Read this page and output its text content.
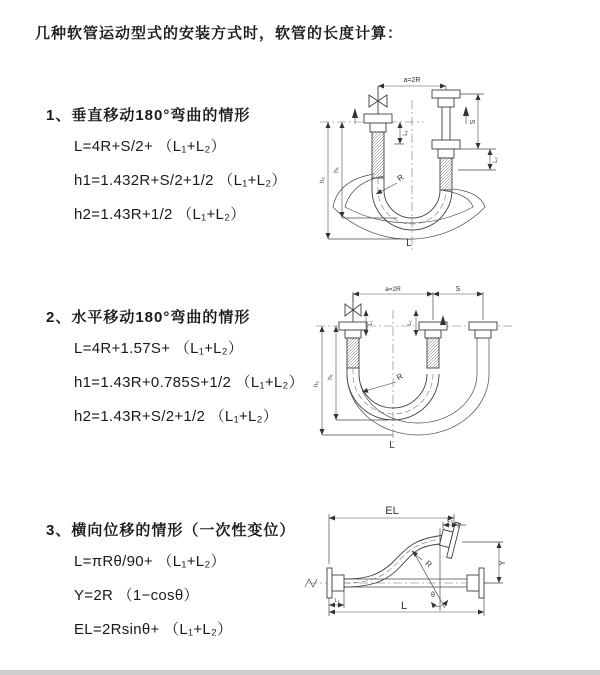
几种软管运动型式的安装方式时，软管的长度计算：
1、垂直移动180°弯曲的情形
L=4R+S/2+ （L₁+L₂）
h1=1.432R+S/2+1/2 （L₁+L₂）
h2=1.43R+1/2 （L₁+L₂）
2、水平移动180°弯曲的情形
L=4R+1.57S+ （L₁+L₂）
h1=1.43R+0.785S+1/2 （L₁+L₂）
h2=1.43R+S/2+1/2 （L₁+L₂）
3、横向位移的情形（一次性变位）
L=πRθ/90+ （L₁+L₂）
Y=2R （1−cosθ）
EL=2Rsinθ+ （L₁+L₂）
a=2R
L₁
S
L₂
h₁
h₂	R
L
a=2R	S
L₁	L₂
h₁
h₂
R
L
EL
L₂
Y
θ
R
L
L₁
